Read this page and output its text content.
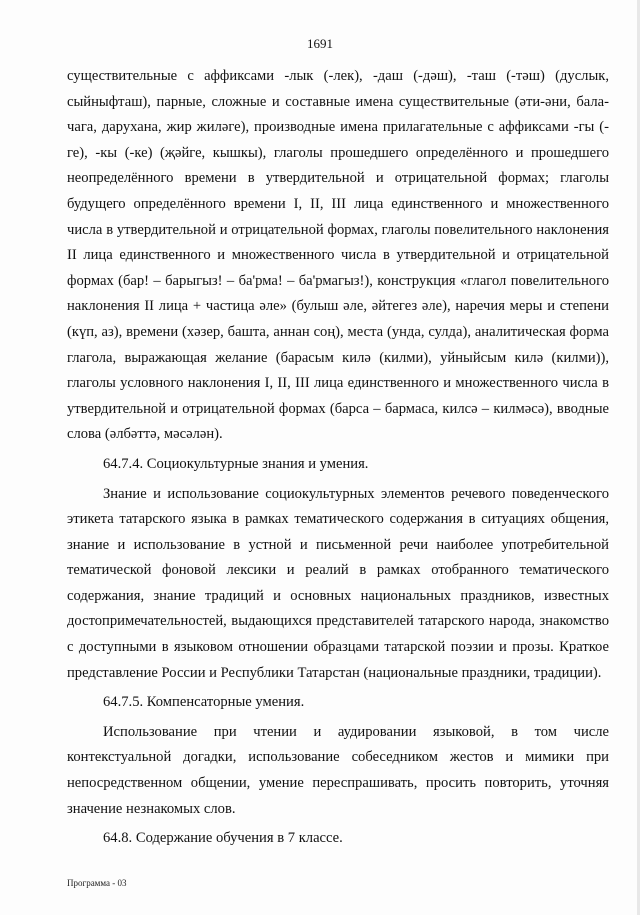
1691

существительные с аффиксами -лык (-лек), -даш (-дәш), -таш (-тәш) (дуслык, сыйныфташ), парные, сложные и составные имена существительные (әти-әни, бала-чага, дарухана, жир жиләге), производные имена прилагательные с аффиксами -гы (-ге), -кы (-ке) (җәйге, кышкы), глаголы прошедшего определённого и прошедшего неопределённого времени в утвердительной и отрицательной формах; глаголы будущего определённого времени I, II, III лица единственного и множественного числа в утвердительной и отрицательной формах, глаголы повелительного наклонения II лица единственного и множественного числа в утвердительной и отрицательной формах (бар! – барыгыз! – ба'рма! – ба'рмагыз!), конструкция «глагол повелительного наклонения II лица + частица әле» (булыш әле, әйтегез әле), наречия меры и степени (күп, аз), времени (хәзер, башта, аннан соң), места (унда, сулда), аналитическая форма глагола, выражающая желание (барасым килә (килми), уйныйсым килә (килми)), глаголы условного наклонения I, II, III лица единственного и множественного числа в утвердительной и отрицательной формах (барса – бармаса, килсә – килмәсә), вводные слова (әлбәттә, мәсәлән).

64.7.4. Социокультурные знания и умения.

Знание и использование социокультурных элементов речевого поведенческого этикета татарского языка в рамках тематического содержания в ситуациях общения, знание и использование в устной и письменной речи наиболее употребительной тематической фоновой лексики и реалий в рамках отобранного тематического содержания, знание традиций и основных национальных праздников, известных достопримечательностей, выдающихся представителей татарского народа, знакомство с доступными в языковом отношении образцами татарской поэзии и прозы. Краткое представление России и Республики Татарстан (национальные праздники, традиции).

64.7.5. Компенсаторные умения.

Использование при чтении и аудировании языковой, в том числе контекстуальной догадки, использование собеседником жестов и мимики при непосредственном общении, умение переспрашивать, просить повторить, уточняя значение незнакомых слов.

64.8. Содержание обучения в 7 классе.

Программа - 03
